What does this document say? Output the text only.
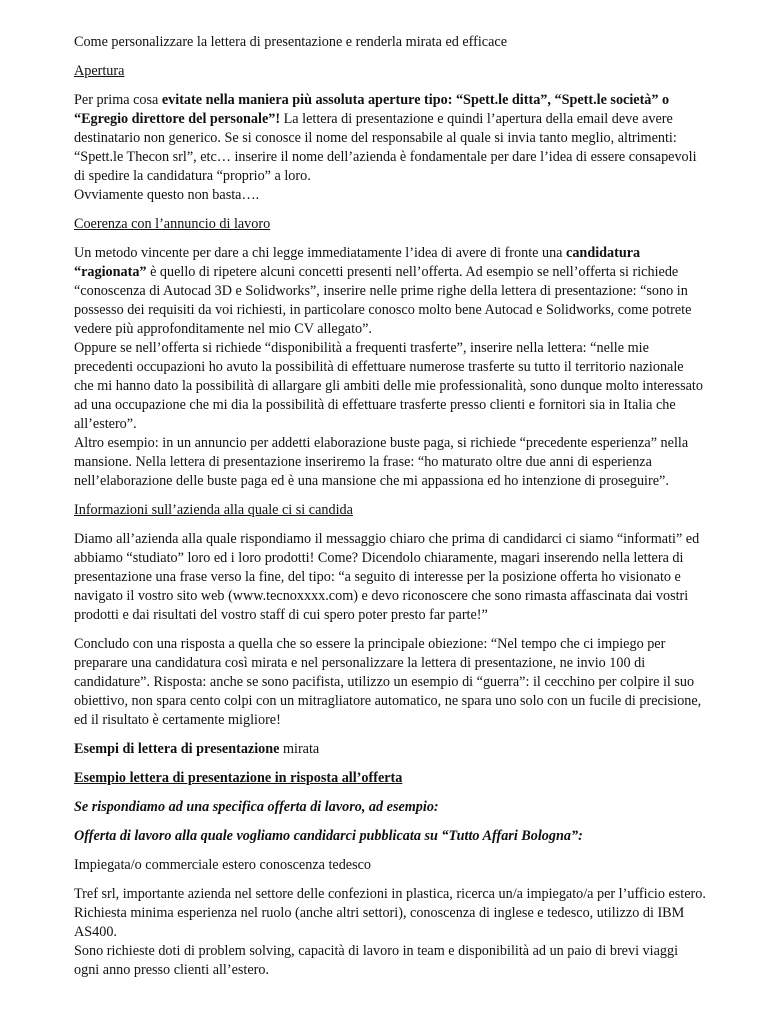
Come personalizzare la lettera di presentazione e renderla mirata ed efficace

Apertura

Per prima cosa evitate nella maniera più assoluta aperture tipo: “Spett.le ditta”, “Spett.le società” o “Egregio direttore del personale”! La lettera di presentazione e quindi l’apertura della email deve avere destinatario non generico. Se si conosce il nome del responsabile al quale si invia tanto meglio, altrimenti: “Spett.le Thecon srl”, etc… inserire il nome dell’azienda è fondamentale per dare l’idea di essere consapevoli di spedire la candidatura “proprio” a loro.

Ovviamente questo non basta….

Coerenza con l’annuncio di lavoro

Un metodo vincente per dare a chi legge immediatamente l’idea di avere di fronte una candidatura “ragionata” è quello di ripetere alcuni concetti presenti nell’offerta. Ad esempio se nell’offerta si richiede “conoscenza di Autocad 3D e Solidworks”, inserire nelle prime righe della lettera di presentazione: “sono in possesso dei requisiti da voi richiesti, in particolare conosco molto bene Autocad e Solidworks, come potrete vedere più approfonditamente nel mio CV allegato”.

Oppure se nell’offerta si richiede “disponibilità a frequenti trasferte”, inserire nella lettera: “nelle mie precedenti occupazioni ho avuto la possibilità di effettuare numerose trasferte su tutto il territorio nazionale che mi hanno dato la possibilità di allargare gli ambiti delle mie professionalità, sono dunque molto interessato ad una occupazione che mi dia la possibilità di effettuare trasferte presso clienti e fornitori sia in Italia che all’estero”.

Altro esempio: in un annuncio per addetti elaborazione buste paga, si richiede “precedente esperienza” nella mansione. Nella lettera di presentazione inseriremo la frase: “ho maturato oltre due anni di esperienza nell’elaborazione delle buste paga ed è una mansione che mi appassiona ed ho intenzione di proseguire”.

Informazioni sull’azienda alla quale ci si candida

Diamo all’azienda alla quale rispondiamo il messaggio chiaro che prima di candidarci ci siamo “informati” ed abbiamo “studiato” loro ed i loro prodotti! Come? Dicendolo chiaramente, magari inserendo nella lettera di presentazione una frase verso la fine, del tipo: “a seguito di interesse per la posizione offerta ho visionato e navigato il vostro sito web (www.tecnoxxxx.com) e devo riconoscere che sono rimasta affascinata dai vostri prodotti e dai risultati del vostro staff di cui spero poter presto far parte!”

Concludo con una risposta a quella che so essere la principale obiezione: “Nel tempo che ci impiego per preparare una candidatura così mirata e nel personalizzare la lettera di presentazione, ne invio 100 di candidature”. Risposta: anche se sono pacifista, utilizzo un esempio di “guerra”: il cecchino per colpire il suo obiettivo, non spara cento colpi con un mitragliatore automatico, ne spara uno solo con un fucile di precisione, ed il risultato è certamente migliore!

Esempi di lettera di presentazione mirata

Esempio lettera di presentazione in risposta all’offerta

Se rispondiamo ad una specifica offerta di lavoro, ad esempio:

Offerta di lavoro alla quale vogliamo candidarci pubblicata su “Tutto Affari Bologna”:

Impiegata/o commerciale estero conoscenza tedesco

Tref srl, importante azienda nel settore delle confezioni in plastica, ricerca un/a impiegato/a per l’ufficio estero.

Richiesta minima esperienza nel ruolo (anche altri settori), conoscenza di inglese e tedesco, utilizzo di IBM AS400.

Sono richieste doti di problem solving, capacità di lavoro in team e disponibilità ad un paio di brevi viaggi ogni anno presso clienti all’estero.
